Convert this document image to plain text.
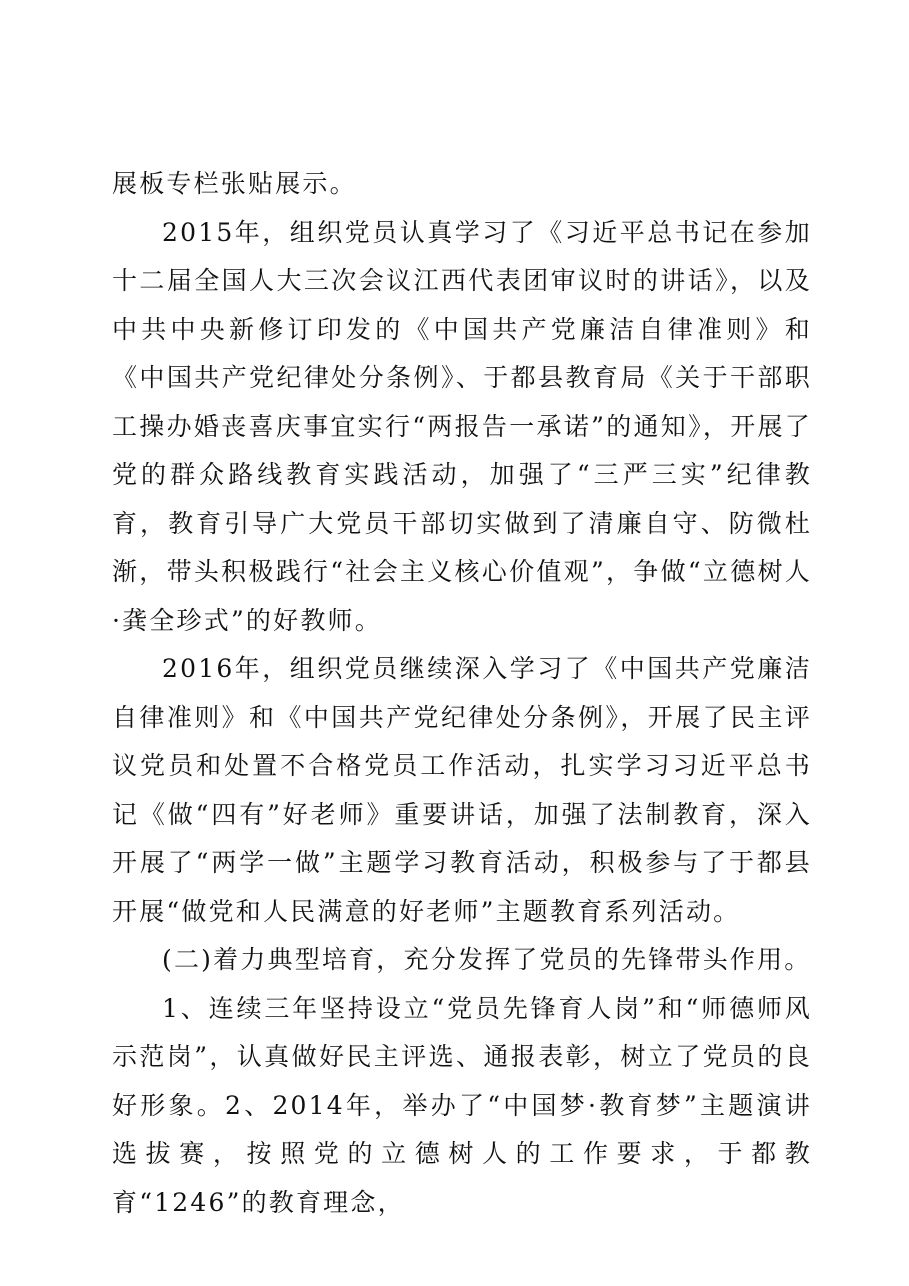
展板专栏张贴展示。

2015年，组织党员认真学习了《习近平总书记在参加十二届全国人大三次会议江西代表团审议时的讲话》，以及中共中央新修订印发的《中国共产党廉洁自律准则》和《中国共产党纪律处分条例》、于都县教育局《关于干部职工操办婚丧喜庆事宜实行“两报告一承诺”的通知》，开展了党的群众路线教育实践活动，加强了“三严三实”纪律教育，教育引导广大党员干部切实做到了清廉自守、防微杜渐，带头积极践行“社会主义核心价值观”，争做“立德树人·龚全珍式”的好教师。

2016年，组织党员继续深入学习了《中国共产党廉洁自律准则》和《中国共产党纪律处分条例》，开展了民主评议党员和处置不合格党员工作活动，扎实学习习近平总书记《做“四有”好老师》重要讲话，加强了法制教育，深入开展了“两学一做”主题学习教育活动，积极参与了于都县开展“做党和人民满意的好老师”主题教育系列活动。

(二)着力典型培育，充分发挥了党员的先锋带头作用。

1、连续三年坚持设立“党员先锋育人岗”和“师德师风示范岗”，认真做好民主评选、通报表彰，树立了党员的良好形象。2、2014年，举办了“中国梦·教育梦”主题演讲选拔赛，按照党的立德树人的工作要求，于都教育“1246”的教育理念，
